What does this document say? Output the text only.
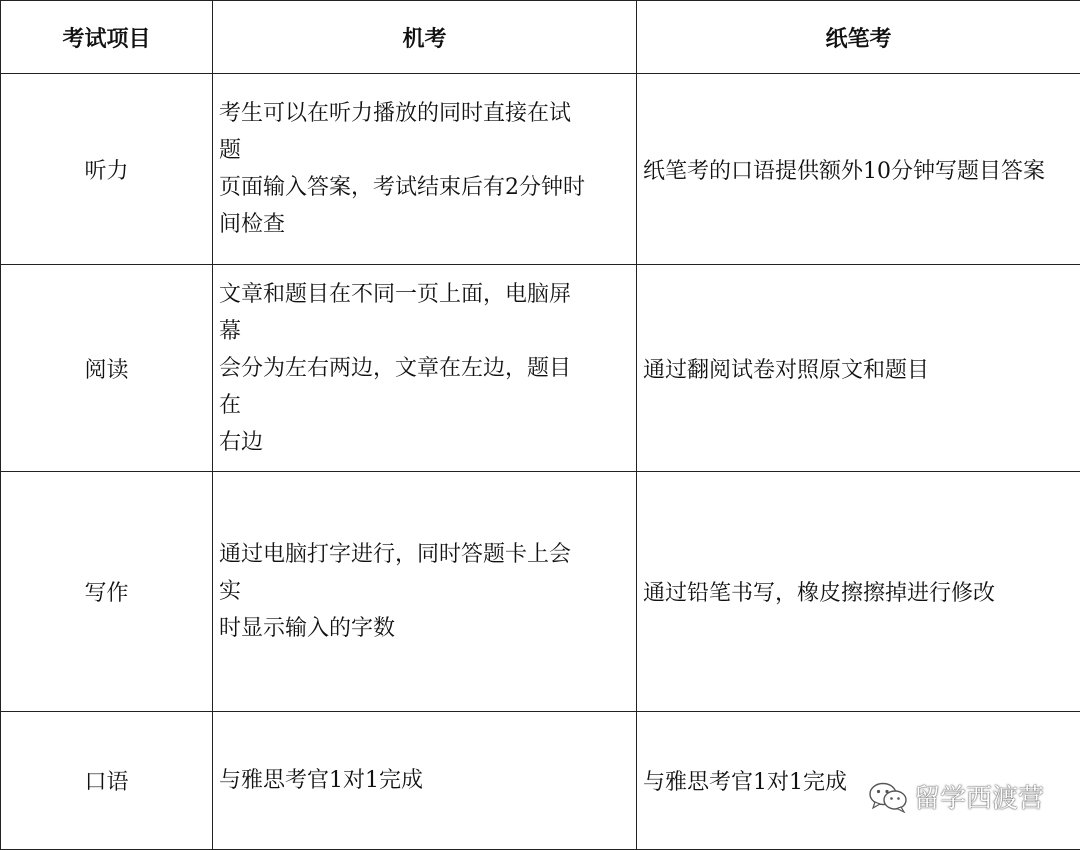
考试项目	机考	纸笔考
听力	考生可以在听力播放的同时直接在试
题
页面输入答案，考试结束后有2分钟时
间检查	纸笔考的口语提供额外10分钟写题目答案
阅读	文章和题目在不同一页上面，电脑屏
幕
会分为左右两边，文章在左边，题目
在
右边	通过翻阅试卷对照原文和题目
写作	通过电脑打字进行，同时答题卡上会
实
时显示输入的字数	通过铅笔书写，橡皮擦擦掉进行修改
口语	与雅思考官1对1完成	与雅思考官1对1完成
留学西渡营
